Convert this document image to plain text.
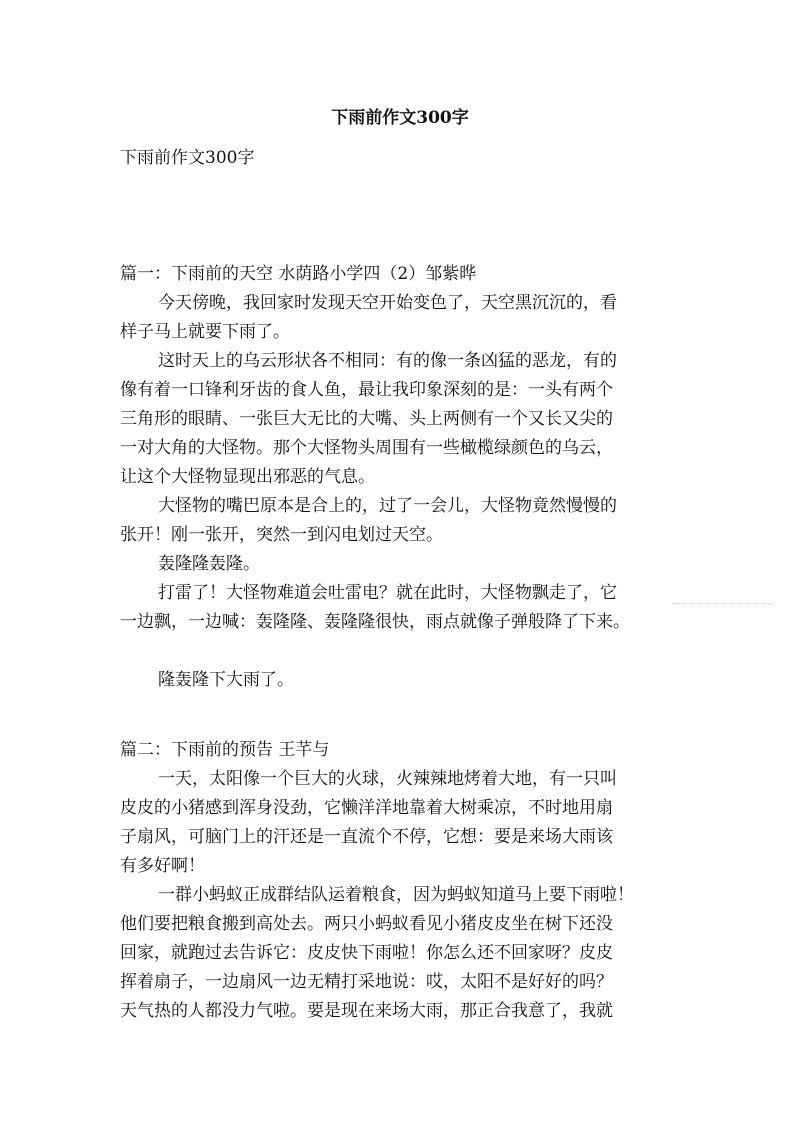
下雨前作文300字
下雨前作文300字
篇一：下雨前的天空 水荫路小学四（2）邹紫晔
今天傍晚，我回家时发现天空开始变色了，天空黑沉沉的，看
样子马上就要下雨了。
这时天上的乌云形状各不相同：有的像一条凶猛的恶龙，有的
像有着一口锋利牙齿的食人鱼，最让我印象深刻的是：一头有两个
三角形的眼睛、一张巨大无比的大嘴、头上两侧有一个又长又尖的
一对大角的大怪物。那个大怪物头周围有一些橄榄绿颜色的乌云，
让这个大怪物显现出邪恶的气息。
大怪物的嘴巴原本是合上的，过了一会儿，大怪物竟然慢慢的
张开！刚一张开，突然一到闪电划过天空。
轰隆隆轰隆。
打雷了！大怪物难道会吐雷电？就在此时，大怪物飘走了，它
一边飘，一边喊：轰隆隆、轰隆隆很快，雨点就像子弹般降了下来。
隆轰隆下大雨了。
篇二：下雨前的预告 王芊与
一天，太阳像一个巨大的火球，火辣辣地烤着大地，有一只叫
皮皮的小猪感到浑身没劲，它懒洋洋地靠着大树乘凉，不时地用扇
子扇风，可脑门上的汗还是一直流个不停，它想：要是来场大雨该
有多好啊！
一群小蚂蚁正成群结队运着粮食，因为蚂蚁知道马上要下雨啦！
他们要把粮食搬到高处去。两只小蚂蚁看见小猪皮皮坐在树下还没
回家，就跑过去告诉它：皮皮快下雨啦！你怎么还不回家呀？皮皮
挥着扇子，一边扇风一边无精打采地说：哎，太阳不是好好的吗？
天气热的人都没力气啦。要是现在来场大雨，那正合我意了，我就
